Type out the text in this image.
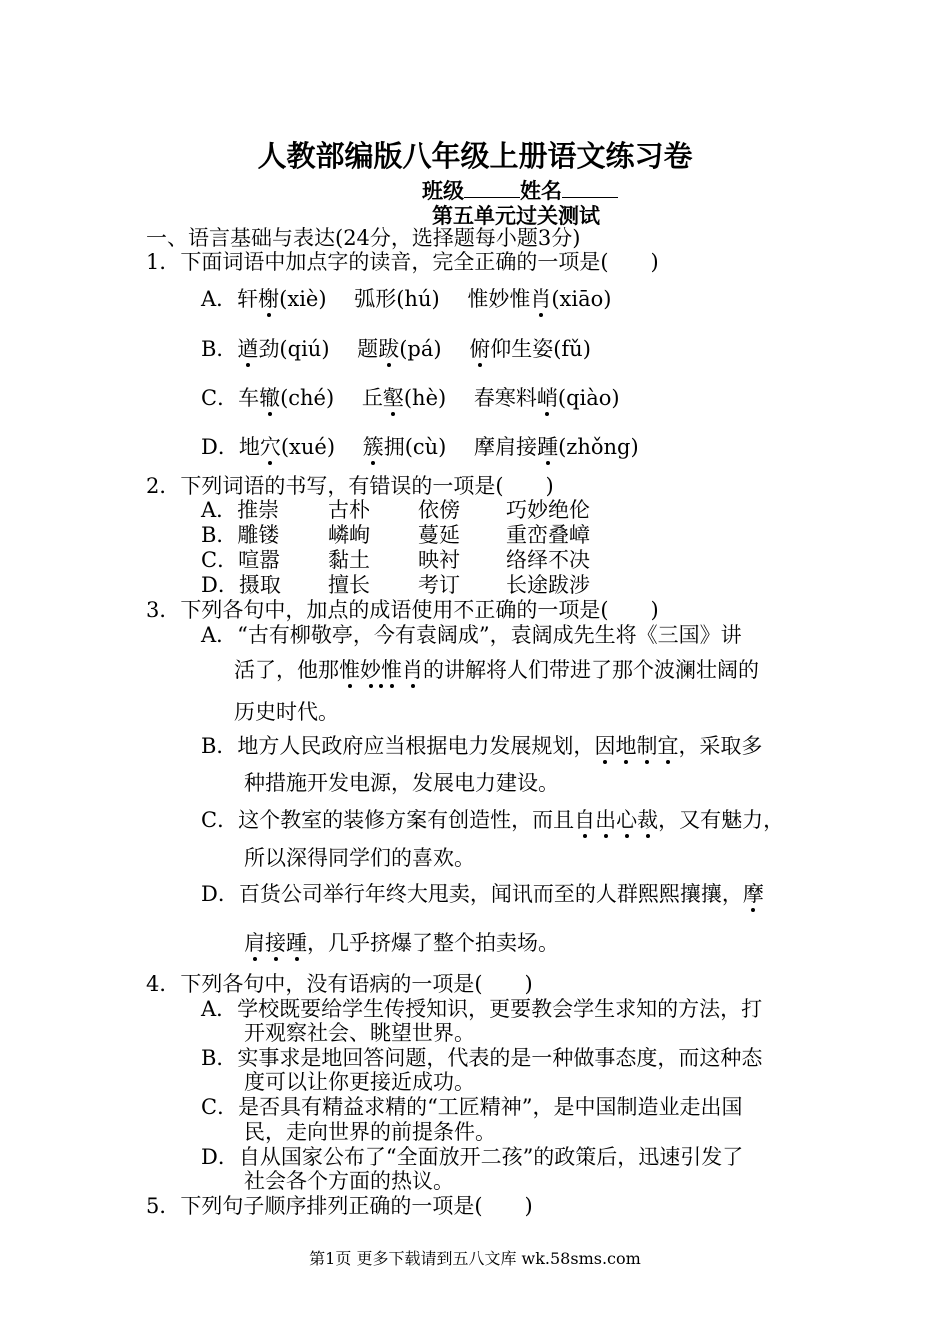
人教部编版八年级上册语文练习卷
班级	姓名
第五单元过关测试
一、语言基础与表达(24分，选择题每小题3分)
1．下面词语中加点字的读音，完全正确的一项是(　　)
A．轩榭(xiè)　 弧形(hú)　 惟妙惟肖(xiāo)
B．遒劲(qiú)　 题跋(pá)　 俯仰生姿(fǔ)
C．车辙(ché)　 丘壑(hè)　 春寒料峭(qiào)
D．地穴(xué)　 簇拥(cù)　 摩肩接踵(zhǒng)
2．下列词语的书写，有错误的一项是(　　)
A．推崇 古朴 依傍 巧妙绝伦
B．雕镂 嶙峋 蔓延 重峦叠嶂
C．喧嚣 黏土 映衬 络绎不决
D．摄取 擅长 考订 长途跋涉
3．下列各句中，加点的成语使用不正确的一项是(　　)
A．“古有柳敬亭，今有袁阔成”，袁阔成先生将《三国》讲
活了，他那惟妙惟肖的讲解将人们带进了那个波澜壮阔的
历史时代。
B．地方人民政府应当根据电力发展规划，因地制宜，采取多
种措施开发电源，发展电力建设。
C．这个教室的装修方案有创造性，而且自出心裁，又有魅力，
所以深得同学们的喜欢。
D．百货公司举行年终大甩卖，闻讯而至的人群熙熙攘攘，摩
肩接踵，几乎挤爆了整个拍卖场。
4．下列各句中，没有语病的一项是(　　)
A．学校既要给学生传授知识，更要教会学生求知的方法，打
开观察社会、眺望世界。
B．实事求是地回答问题，代表的是一种做事态度，而这种态
度可以让你更接近成功。
C．是否具有精益求精的“工匠精神”，是中国制造业走出国
民，走向世界的前提条件。
D．自从国家公布了“全面放开二孩”的政策后，迅速引发了
社会各个方面的热议。
5．下列句子顺序排列正确的一项是(　　)
第1页 更多下载请到五八文库 wk.58sms.com
